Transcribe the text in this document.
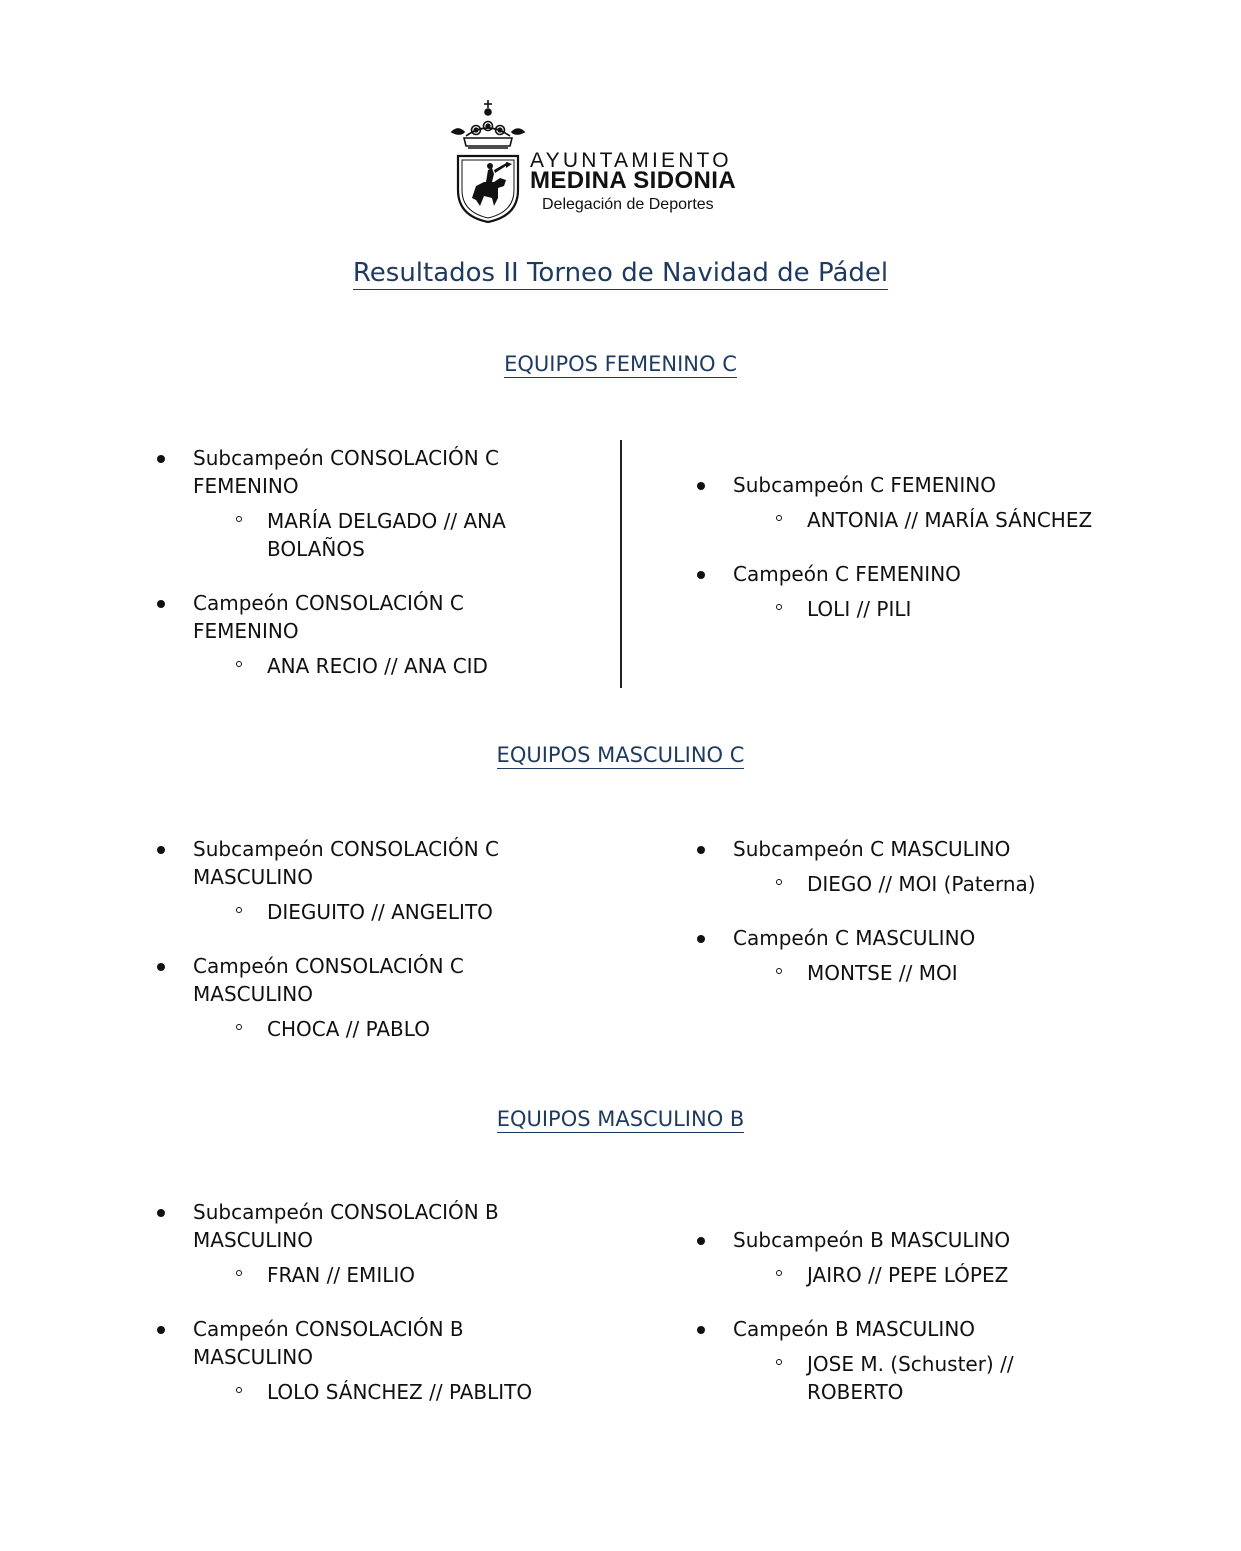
AYUNTAMIENTO
MEDINA SIDONIA
Delegación de Deportes
Resultados II Torneo de Navidad de Pádel
EQUIPOS FEMENINO C
Subcampeón CONSOLACIÓN C FEMENINO
MARÍA DELGADO // ANA BOLAÑOS
Campeón CONSOLACIÓN C FEMENINO
ANA RECIO // ANA CID
Subcampeón C FEMENINO
ANTONIA // MARÍA SÁNCHEZ
Campeón C FEMENINO
LOLI // PILI
EQUIPOS MASCULINO C
Subcampeón CONSOLACIÓN C MASCULINO
DIEGUITO // ANGELITO
Campeón CONSOLACIÓN C MASCULINO
CHOCA // PABLO
Subcampeón C MASCULINO
DIEGO // MOI (Paterna)
Campeón C MASCULINO
MONTSE // MOI
EQUIPOS MASCULINO B
Subcampeón CONSOLACIÓN B MASCULINO
FRAN // EMILIO
Campeón CONSOLACIÓN B MASCULINO
LOLO SÁNCHEZ // PABLITO
Subcampeón B MASCULINO
JAIRO // PEPE LÓPEZ
Campeón B MASCULINO
JOSE M. (Schuster) // ROBERTO
